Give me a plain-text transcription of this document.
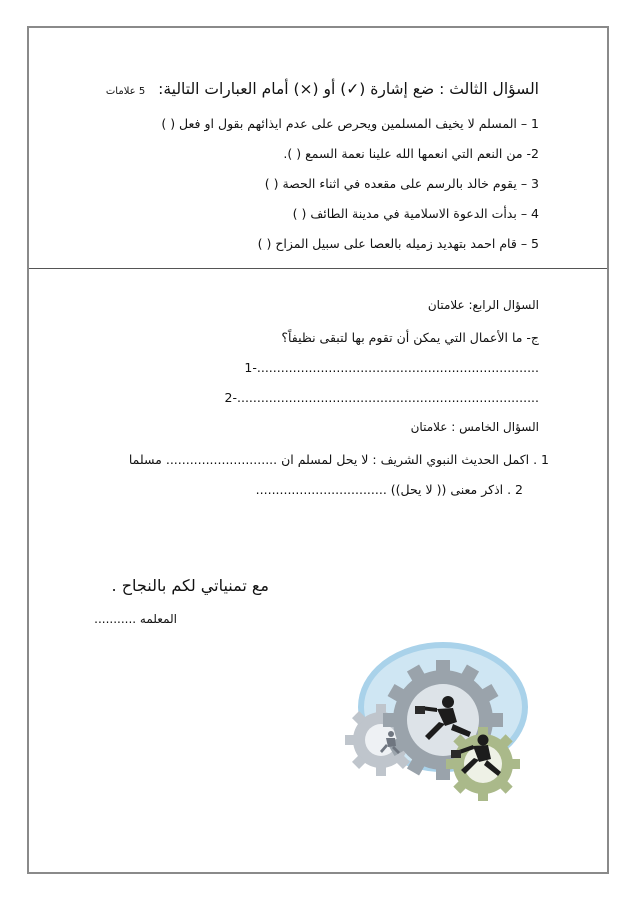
السؤال الثالث : ضع إشارة (✓) أو (×) أمام العبارات التالية: 5 علامات
1 – المسلم لا يخيف المسلمين ويحرص على عدم ايذائهم بقول او فعل ( )
2- من النعم التي انعمها الله علينا نعمة السمع ( ).
3 – يقوم خالد بالرسم على مقعده في اثناء الحصة ( )
4 – بدأت الدعوة الاسلامية في مدينة الطائف ( )
5 – قام احمد بتهديد زميله بالعصا على سبيل المزاح ( )
السؤال الرابع: علامتان
ج- ما الأعمال التي يمكن أن تقوم بها لتبقى نظيفاً؟
1-.......................................................................
2-............................................................................
السؤال الخامس : علامتان
1 . اكمل الحديث النبوي الشريف : لا يحل لمسلم ان ............................ مسلما
2 . اذكر معنى (( لا يحل)) .................................
مع تمنياتي لكم بالنجاح .
المعلمه ...........
